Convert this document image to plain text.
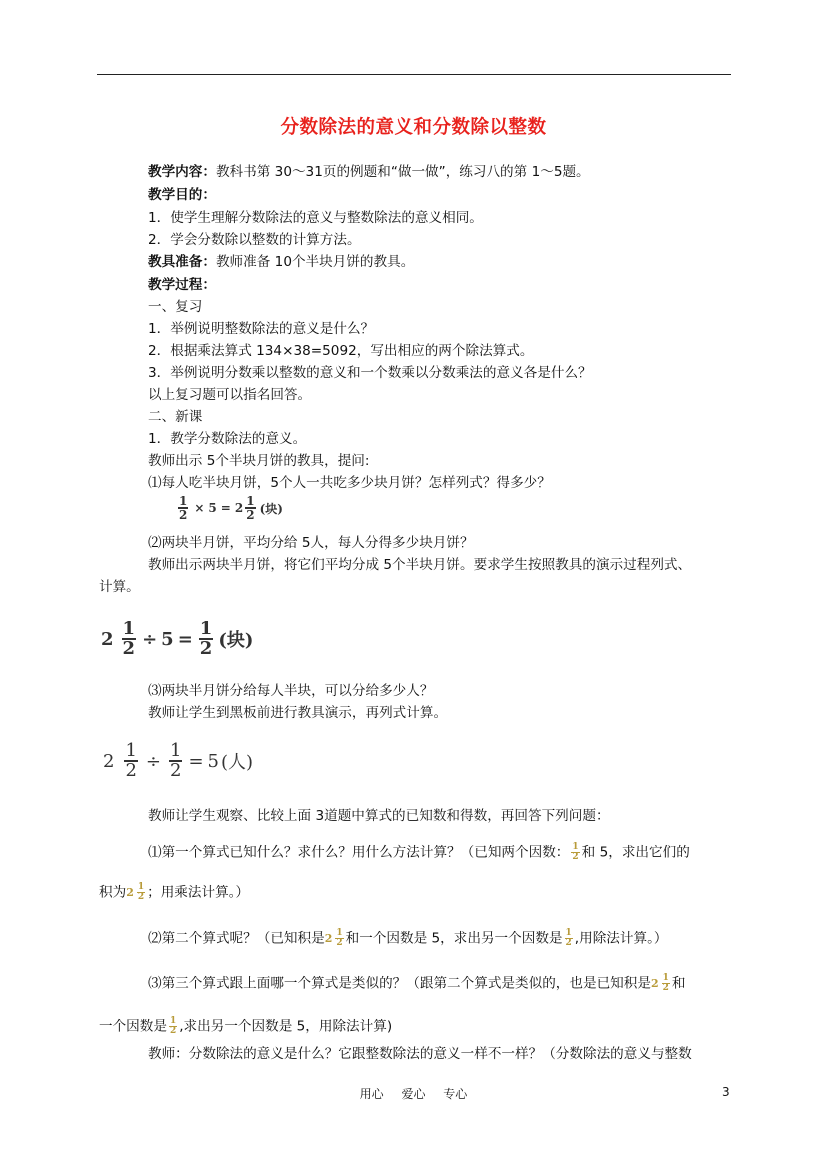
分数除法的意义和分数除以整数
教学内容：教科书第 30～31页的例题和“做一做”，练习八的第 1～5题。
教学目的：
1．使学生理解分数除法的意义与整数除法的意义相同。
2．学会分数除以整数的计算方法。
教具准备：教师准备 10个半块月饼的教具。
教学过程：
一、复习
1．举例说明整数除法的意义是什么？
2．根据乘法算式 134×38=5092，写出相应的两个除法算式。
3．举例说明分数乘以整数的意义和一个数乘以分数乘法的意义各是什么？
以上复习题可以指名回答。
二、新课
1．教学分数除法的意义。
教师出示 5个半块月饼的教具，提问:
⑴每人吃半块月饼，5个人一共吃多少块月饼？怎样列式？得多少？
$\frac{1}{2} \times 5 = 2 \frac{1}{2}$ (块)
⑵两块半月饼，平均分给 5人，每人分得多少块月饼？
教师出示两块半月饼，将它们平均分成 5个半块月饼。要求学生按照教具的演示过程列式、
计算。
$2 \frac{1}{2} \div 5 = \frac{1}{2}$ (块)
⑶两块半月饼分给每人半块，可以分给多少人？
教师让学生到黑板前进行教具演示，再列式计算。
$2 \frac{1}{2} \div \frac{1}{2} = 5$ (人)
教师让学生观察、比较上面 3道题中算式的已知数和得数，再回答下列问题：
⑴第一个算式已知什么？求什么？用什么方法计算？（已知两个因数： $\frac{1}{2}$ 和 5，求出它们的
积为 $2 \frac{1}{2}$ ；用乘法计算。）
⑵第二个算式呢？（已知积是 $2 \frac{1}{2}$ 和一个因数是 5，求出另一个因数是 $\frac{1}{2}$ ,用除法计算。）
⑶第三个算式跟上面哪一个算式是类似的？（跟第二个算式是类似的，也是已知积是 $2 \frac{1}{2}$ 和
一个因数是 $\frac{1}{2}$ ,求出另一个因数是 5，用除法计算)
教师：分数除法的意义是什么？它跟整数除法的意义一样不一样？（分数除法的意义与整数
用心 爱心 专心	3
